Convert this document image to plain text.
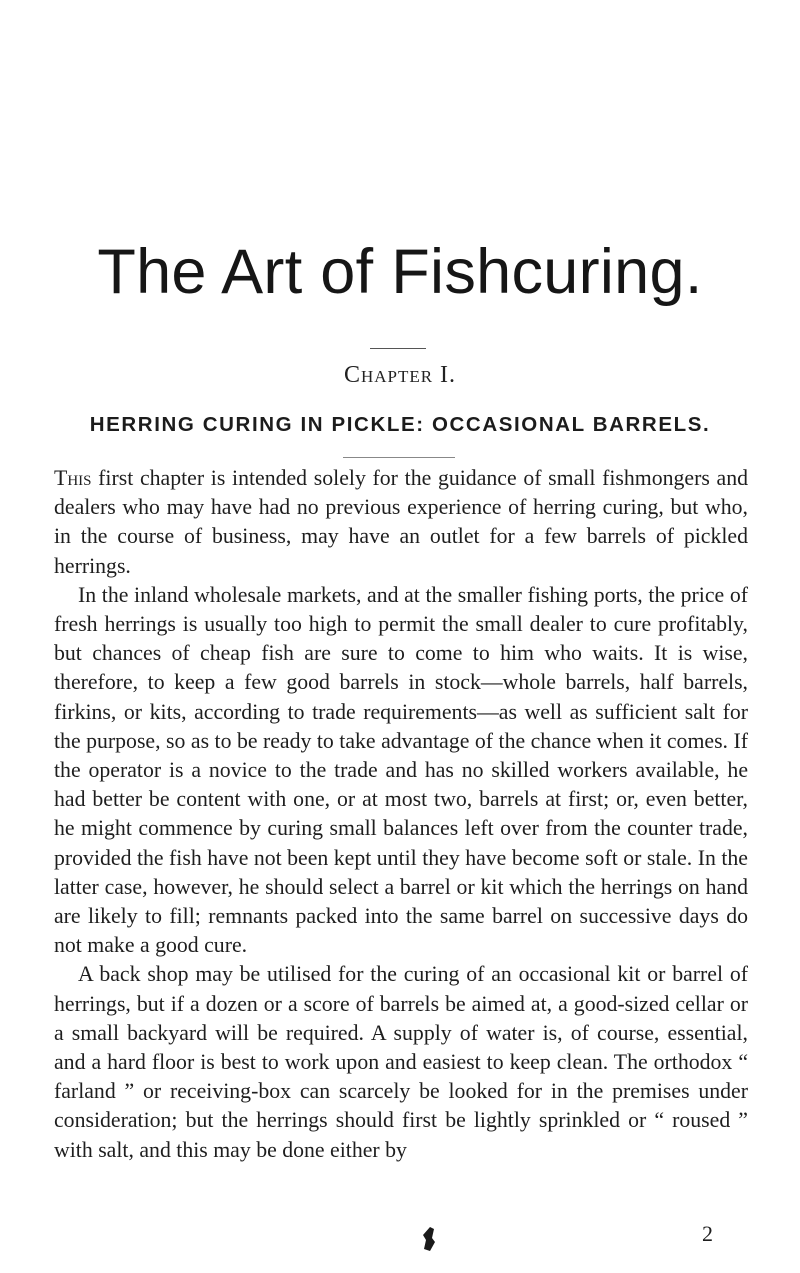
The Art of Fishcuring.
Chapter I.
HERRING CURING IN PICKLE: OCCASIONAL BARRELS.

This first chapter is intended solely for the guidance of small fishmongers and dealers who may have had no previous experience of herring curing, but who, in the course of business, may have an outlet for a few barrels of pickled herrings.

In the inland wholesale markets, and at the smaller fishing ports, the price of fresh herrings is usually too high to permit the small dealer to cure profitably, but chances of cheap fish are sure to come to him who waits. It is wise, therefore, to keep a few good barrels in stock—whole barrels, half barrels, firkins, or kits, according to trade requirements—as well as sufficient salt for the purpose, so as to be ready to take advantage of the chance when it comes. If the operator is a novice to the trade and has no skilled workers available, he had better be content with one, or at most two, barrels at first; or, even better, he might commence by curing small balances left over from the counter trade, provided the fish have not been kept until they have become soft or stale. In the latter case, however, he should select a barrel or kit which the herrings on hand are likely to fill; remnants packed into the same barrel on successive days do not make a good cure.

A back shop may be utilised for the curing of an occasional kit or barrel of herrings, but if a dozen or a score of barrels be aimed at, a good-sized cellar or a small backyard will be required. A supply of water is, of course, essential, and a hard floor is best to work upon and easiest to keep clean. The orthodox “ farland ” or receiving-box can scarcely be looked for in the premises under consideration; but the herrings should first be lightly sprinkled or “ roused ” with salt, and this may be done either by

2
